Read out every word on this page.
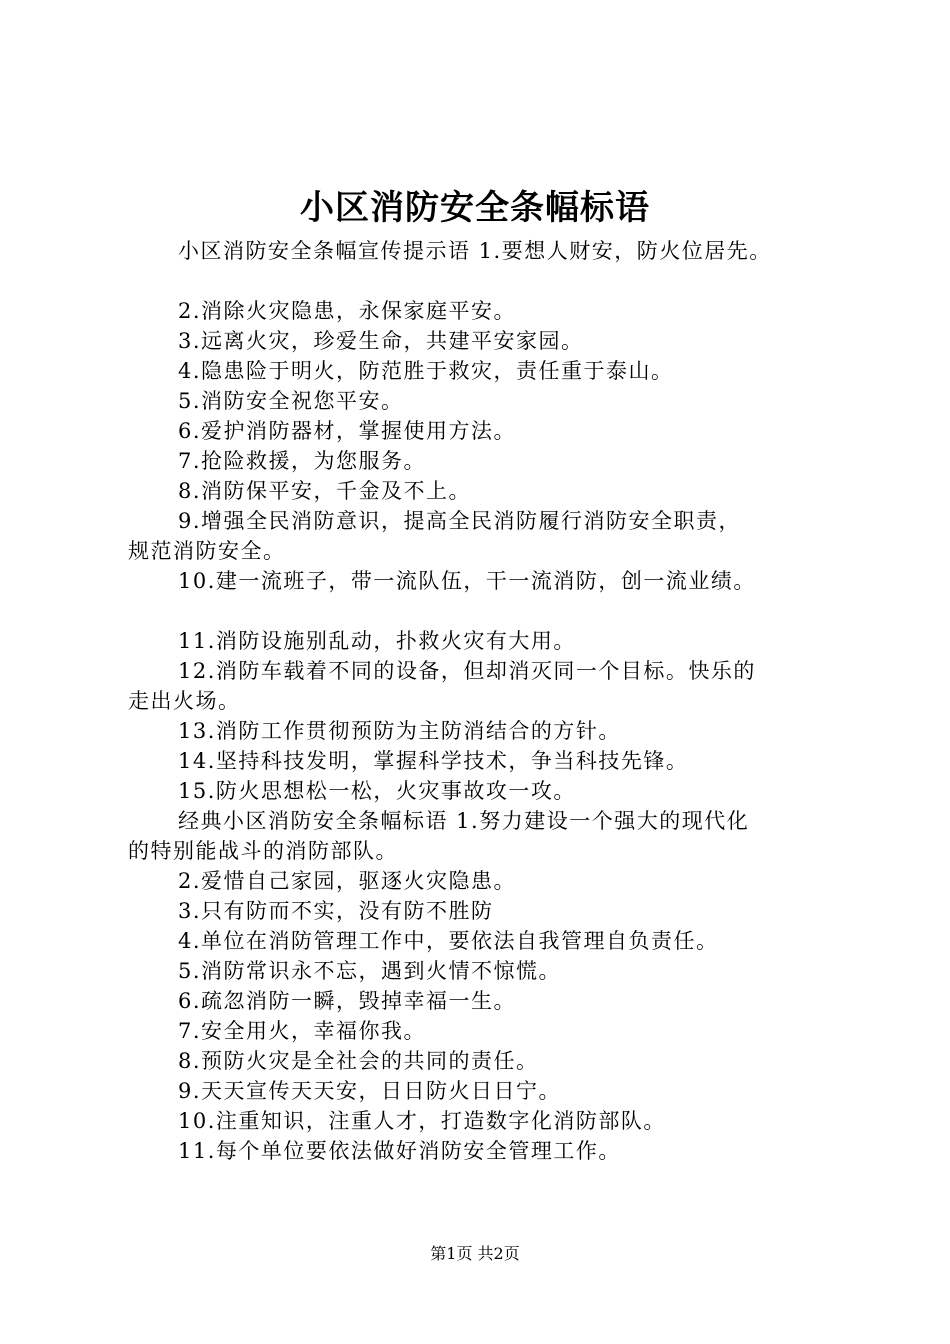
小区消防安全条幅标语
小区消防安全条幅宣传提示语 1.要想人财安，防火位居先。
2.消除火灾隐患，永保家庭平安。
3.远离火灾，珍爱生命，共建平安家园。
4.隐患险于明火，防范胜于救灾，责任重于泰山。
5.消防安全祝您平安。
6.爱护消防器材，掌握使用方法。
7.抢险救援，为您服务。
8.消防保平安，千金及不上。
9.增强全民消防意识，提高全民消防履行消防安全职责，
规范消防安全。
10.建一流班子，带一流队伍，干一流消防，创一流业绩。
11.消防设施别乱动，扑救火灾有大用。
12.消防车载着不同的设备，但却消灭同一个目标。快乐的
走出火场。
13.消防工作贯彻预防为主防消结合的方针。
14.坚持科技发明，掌握科学技术，争当科技先锋。
15.防火思想松一松，火灾事故攻一攻。
经典小区消防安全条幅标语 1.努力建设一个强大的现代化
的特别能战斗的消防部队。
2.爱惜自己家园，驱逐火灾隐患。
3.只有防而不实，没有防不胜防
4.单位在消防管理工作中，要依法自我管理自负责任。
5.消防常识永不忘，遇到火情不惊慌。
6.疏忽消防一瞬，毁掉幸福一生。
7.安全用火，幸福你我。
8.预防火灾是全社会的共同的责任。
9.天天宣传天天安，日日防火日日宁。
10.注重知识，注重人才，打造数字化消防部队。
11.每个单位要依法做好消防安全管理工作。
第1页 共2页
